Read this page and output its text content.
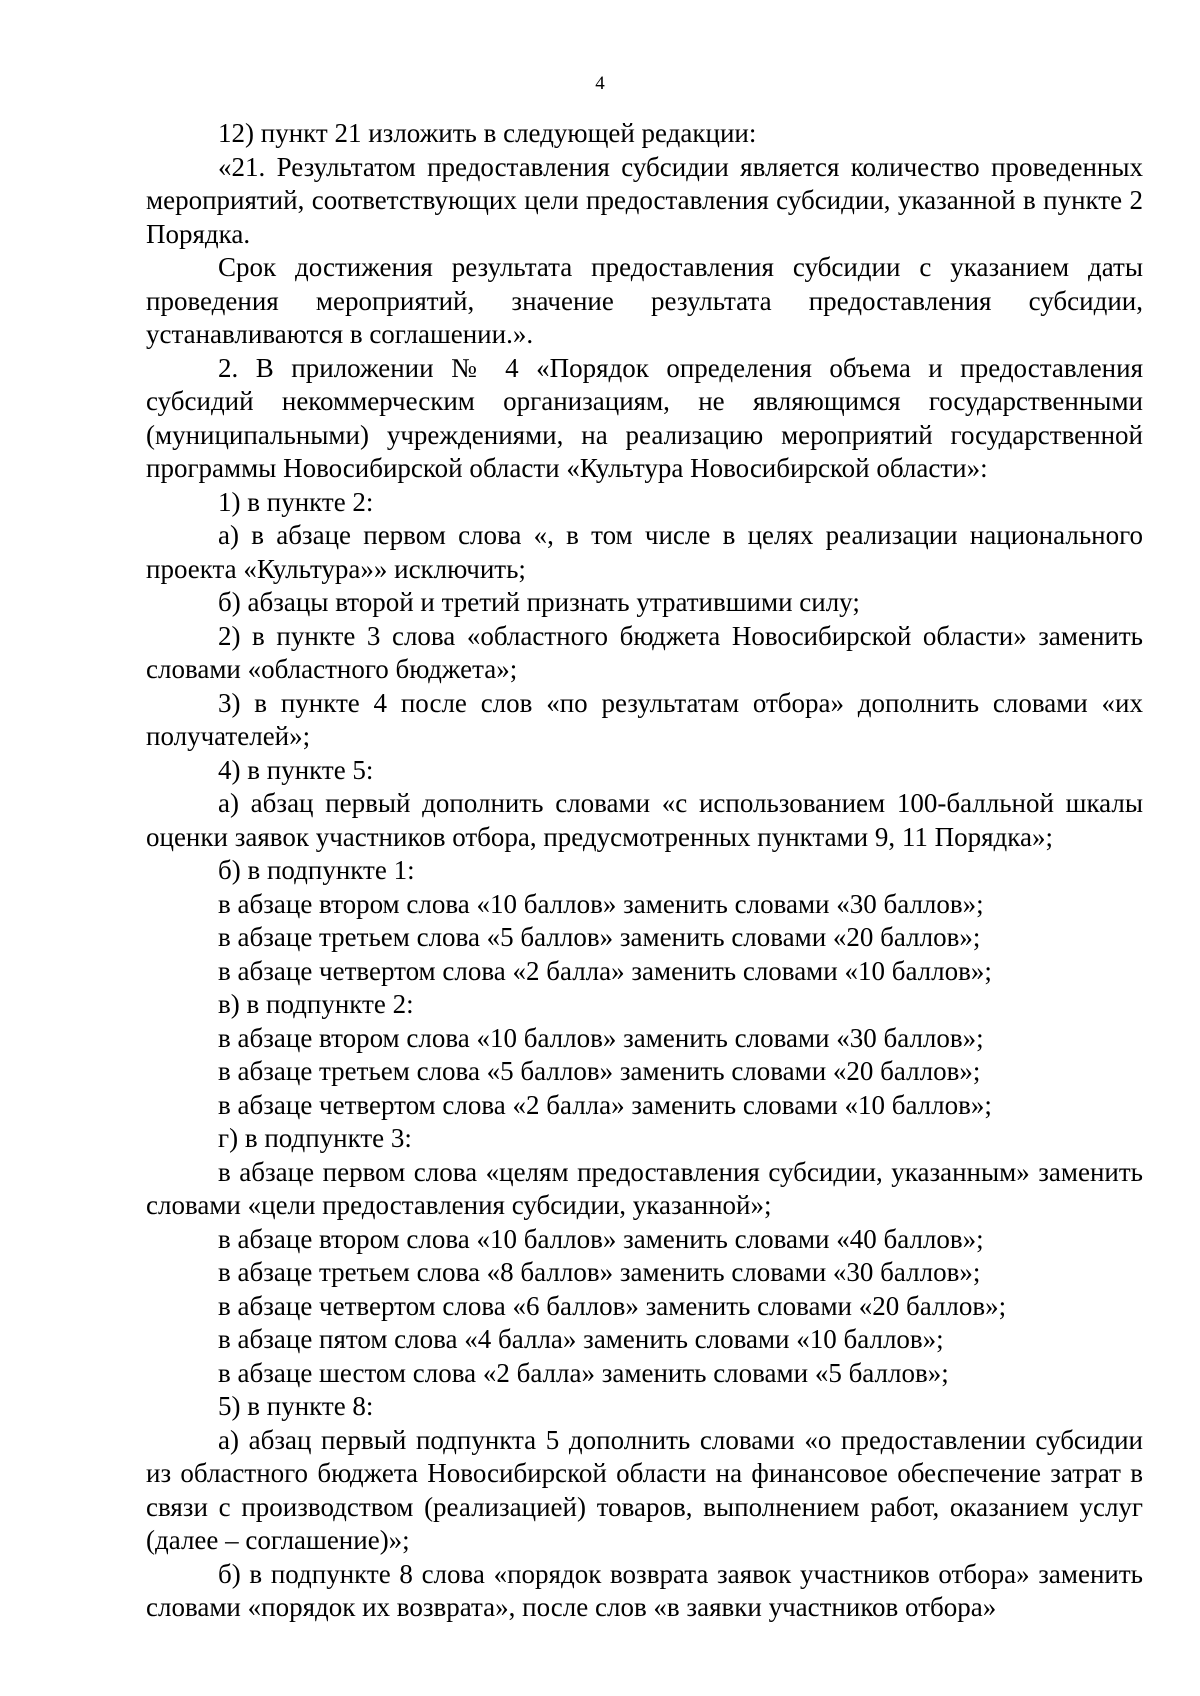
4

12) пункт 21 изложить в следующей редакции:

«21. Результатом предоставления субсидии является количество проведенных мероприятий, соответствующих цели предоставления субсидии, указанной в пункте 2 Порядка.

Срок достижения результата предоставления субсидии с указанием даты проведения мероприятий, значение результата предоставления субсидии, устанавливаются в соглашении.».

2. В приложении № 4 «Порядок определения объема и предоставления субсидий некоммерческим организациям, не являющимся государственными (муниципальными) учреждениями, на реализацию мероприятий государственной программы Новосибирской области «Культура Новосибирской области»:

1) в пункте 2:

а) в абзаце первом слова «, в том числе в целях реализации национального проекта «Культура»» исключить;

б) абзацы второй и третий признать утратившими силу;

2) в пункте 3 слова «областного бюджета Новосибирской области» заменить словами «областного бюджета»;

3) в пункте 4 после слов «по результатам отбора» дополнить словами «их получателей»;

4) в пункте 5:

а) абзац первый дополнить словами «с использованием 100-балльной шкалы оценки заявок участников отбора, предусмотренных пунктами 9, 11 Порядка»;

б) в подпункте 1:

в абзаце втором слова «10 баллов» заменить словами «30 баллов»;

в абзаце третьем слова «5 баллов» заменить словами «20 баллов»;

в абзаце четвертом слова «2 балла» заменить словами «10 баллов»;

в) в подпункте 2:

в абзаце втором слова «10 баллов» заменить словами «30 баллов»;

в абзаце третьем слова «5 баллов» заменить словами «20 баллов»;

в абзаце четвертом слова «2 балла» заменить словами «10 баллов»;

г) в подпункте 3:

в абзаце первом слова «целям предоставления субсидии, указанным» заменить словами «цели предоставления субсидии, указанной»;

в абзаце втором слова «10 баллов» заменить словами «40 баллов»;

в абзаце третьем слова «8 баллов» заменить словами «30 баллов»;

в абзаце четвертом слова «6 баллов» заменить словами «20 баллов»;

в абзаце пятом слова «4 балла» заменить словами «10 баллов»;

в абзаце шестом слова «2 балла» заменить словами «5 баллов»;

5) в пункте 8:

а) абзац первый подпункта 5 дополнить словами «о предоставлении субсидии из областного бюджета Новосибирской области на финансовое обеспечение затрат в связи с производством (реализацией) товаров, выполнением работ, оказанием услуг (далее – соглашение)»;

б) в подпункте 8 слова «порядок возврата заявок участников отбора» заменить словами «порядок их возврата», после слов «в заявки участников отбора»
